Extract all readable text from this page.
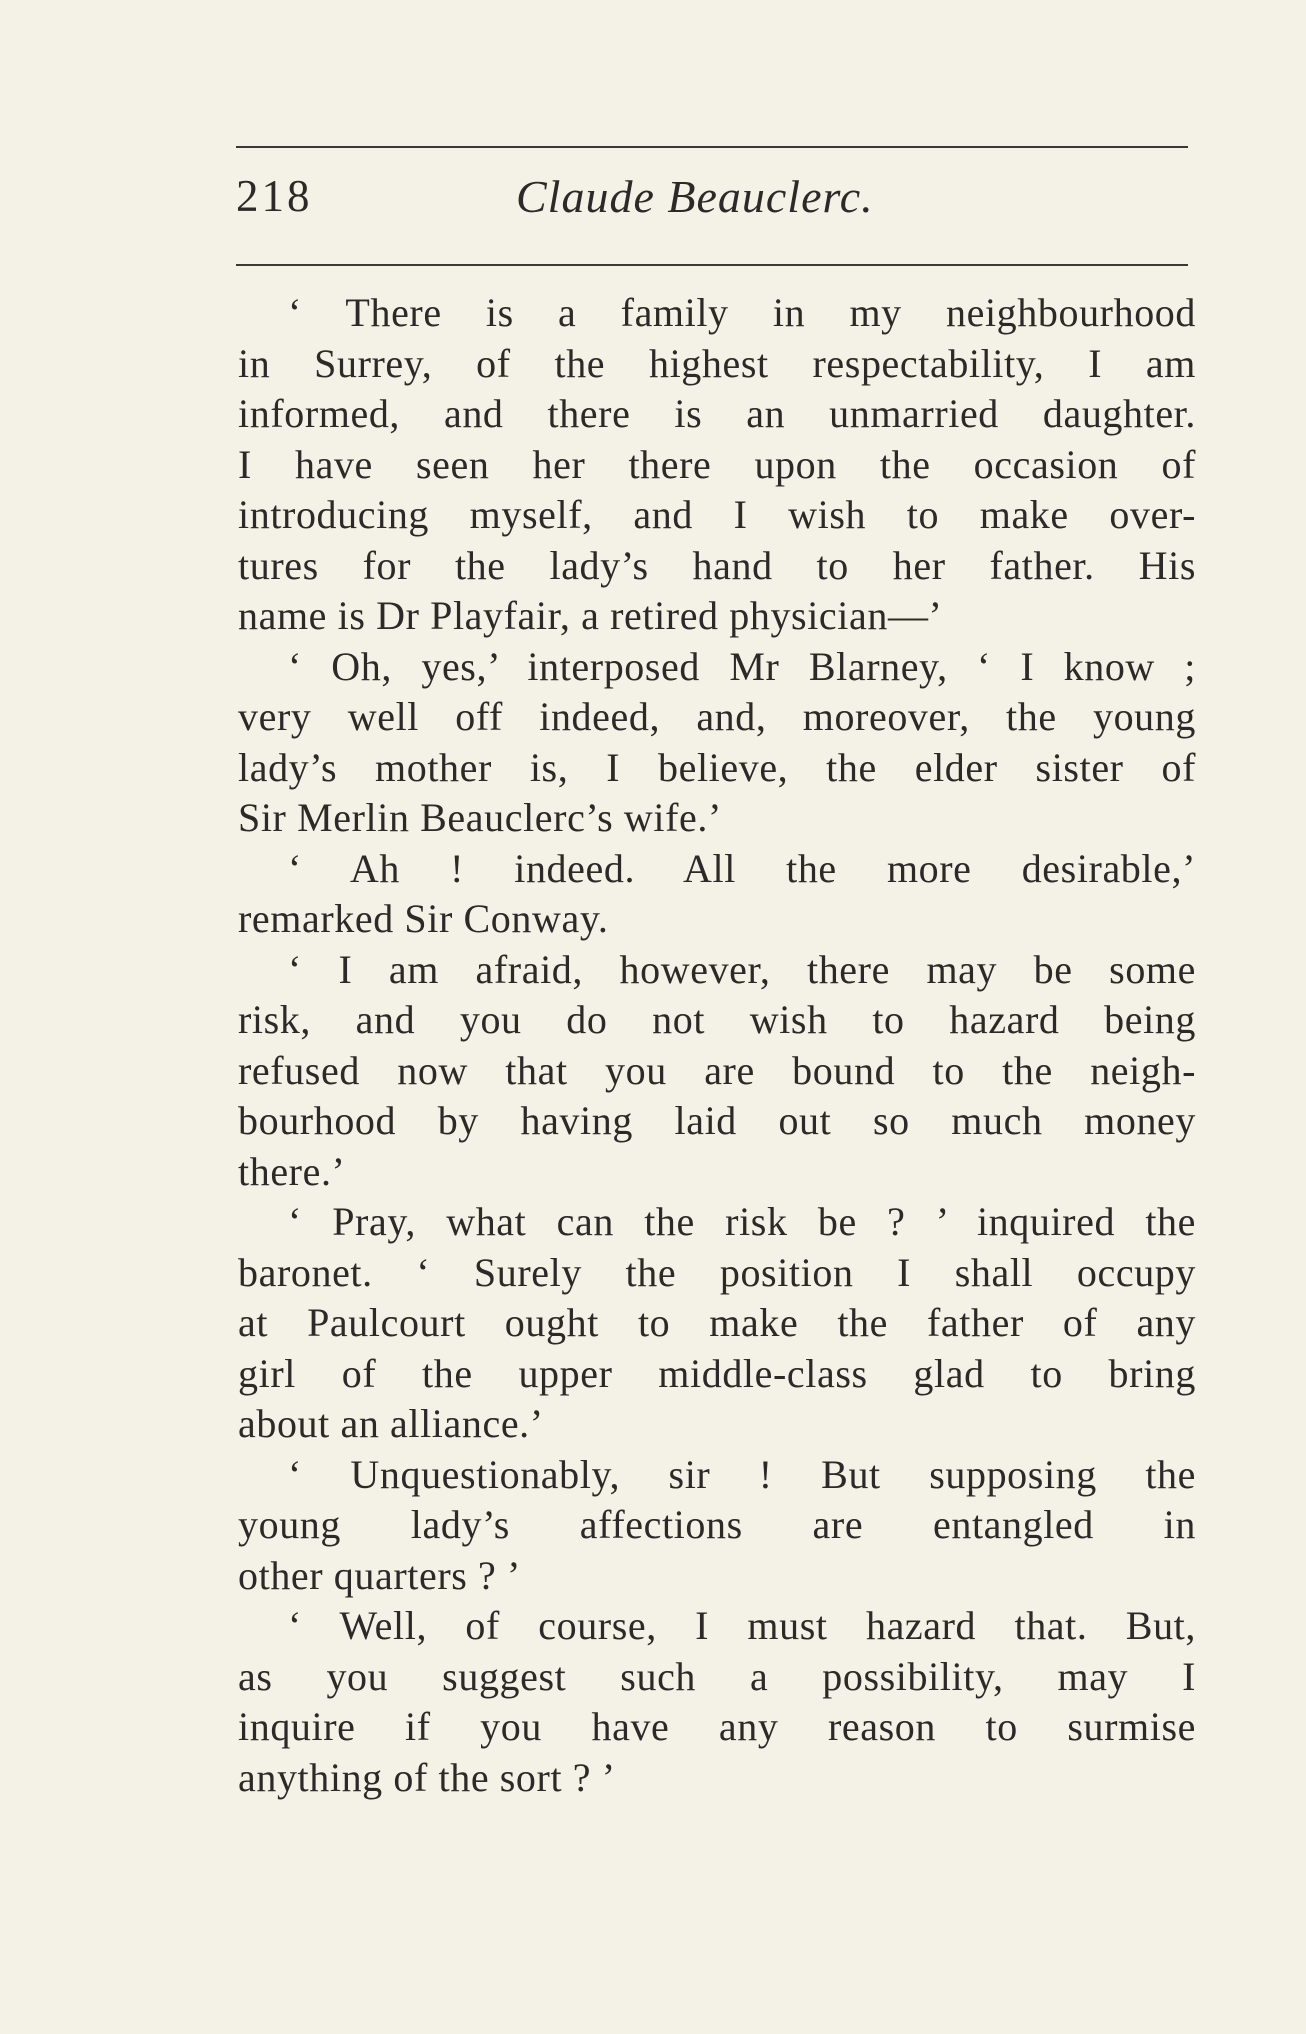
218	Claude Beauclerc.
‘ There is a family in my neighbourhood
in Surrey, of the highest respectability, I am
informed, and there is an unmarried daughter.
I have seen her there upon the occasion of
introducing myself, and I wish to make over-
tures for the lady’s hand to her father. His
name is Dr Playfair, a retired physician—’
‘ Oh, yes,’ interposed Mr Blarney, ‘ I know ;
very well off indeed, and, moreover, the young
lady’s mother is, I believe, the elder sister of
Sir Merlin Beauclerc’s wife.’
‘ Ah ! indeed. All the more desirable,’
remarked Sir Conway.
‘ I am afraid, however, there may be some
risk, and you do not wish to hazard being
refused now that you are bound to the neigh-
bourhood by having laid out so much money
there.’
‘ Pray, what can the risk be ? ’ inquired the
baronet. ‘ Surely the position I shall occupy
at Paulcourt ought to make the father of any
girl of the upper middle-class glad to bring
about an alliance.’
‘ Unquestionably, sir ! But supposing the
young lady’s affections are entangled in
other quarters ? ’
‘ Well, of course, I must hazard that. But,
as you suggest such a possibility, may I
inquire if you have any reason to surmise
anything of the sort ? ’
